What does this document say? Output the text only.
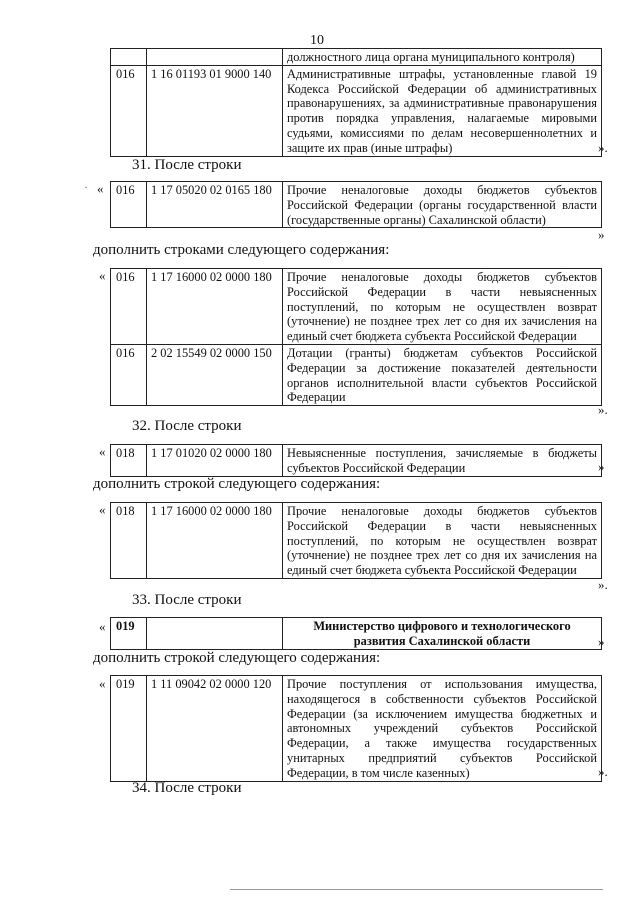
10
		должностного лица органа муниципального контроля)
016	1 16 01193 01 9000 140	Административные штрафы, установленные главой 19 Кодекса Российской Федерации об административных правонарушениях, за административные правонарушения против порядка управления, налагаемые мировыми судьями, комиссиями по делам несовершеннолетних и защите их прав (иные штрафы)	».
31. После строки
· « 016	1 17 05020 02 0165 180	Прочие неналоговые доходы бюджетов субъектов Российской Федерации (органы государственной власти (государственные органы) Сахалинской области)
»
дополнить строками следующего содержания:
« 016	1 17 16000 02 0000 180	Прочие неналоговые доходы бюджетов субъектов Российской Федерации в части невыясненных поступлений, по которым не осуществлен возврат (уточнение) не позднее трех лет со дня их зачисления на единый счет бюджета субъекта Российской Федерации
016	2 02 15549 02 0000 150	Дотации (гранты) бюджетам субъектов Российской Федерации за достижение показателей деятельности органов исполнительной власти субъектов Российской Федерации
».
32. После строки
« 018	1 17 01020 02 0000 180	Невыясненные поступления, зачисляемые в бюджеты субъектов Российской Федерации	»
дополнить строкой следующего содержания:
« 018	1 17 16000 02 0000 180	Прочие неналоговые доходы бюджетов субъектов Российской Федерации в части невыясненных поступлений, по которым не осуществлен возврат (уточнение) не позднее трех лет со дня их зачисления на единый счет бюджета субъекта Российской Федерации
».
33. После строки
« 019		Министерство цифрового и технологического развития Сахалинской области	»
дополнить строкой следующего содержания:
« 019	1 11 09042 02 0000 120	Прочие поступления от использования имущества, находящегося в собственности субъектов Российской Федерации (за исключением имущества бюджетных и автономных учреждений субъектов Российской Федерации, а также имущества государственных унитарных предприятий субъектов Российской Федерации, в том числе казенных)	».
34. После строки
